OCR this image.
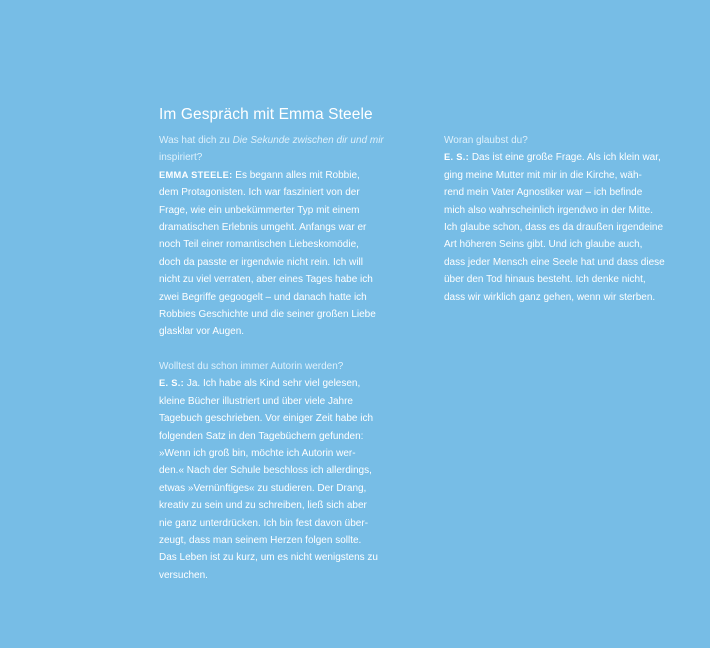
Im Gespräch mit Emma Steele
Was hat dich zu Die Sekunde zwischen dir und mir
inspiriert?
EMMA STEELE: Es begann alles mit Robbie,
dem Protagonisten. Ich war fasziniert von der
Frage, wie ein unbekümmerter Typ mit einem
dramatischen Erlebnis umgeht. Anfangs war er
noch Teil einer romantischen Liebeskomödie,
doch da passte er irgendwie nicht rein. Ich will
nicht zu viel verraten, aber eines Tages habe ich
zwei Begriffe gegoogelt – und danach hatte ich
Robbies Geschichte und die seiner großen Liebe
glasklar vor Augen.
Wolltest du schon immer Autorin werden?
E. S.: Ja. Ich habe als Kind sehr viel gelesen,
kleine Bücher illustriert und über viele Jahre
Tagebuch geschrieben. Vor einiger Zeit habe ich
folgenden Satz in den Tagebüchern gefunden:
»Wenn ich groß bin, möchte ich Autorin wer-
den.« Nach der Schule beschloss ich allerdings,
etwas »Vernünftiges« zu studieren. Der Drang,
kreativ zu sein und zu schreiben, ließ sich aber
nie ganz unterdrücken. Ich bin fest davon über-
zeugt, dass man seinem Herzen folgen sollte.
Das Leben ist zu kurz, um es nicht wenigstens zu
versuchen.
Woran glaubst du?
E. S.: Das ist eine große Frage. Als ich klein war,
ging meine Mutter mit mir in die Kirche, wäh-
rend mein Vater Agnostiker war – ich befinde
mich also wahrscheinlich irgendwo in der Mitte.
Ich glaube schon, dass es da draußen irgendeine
Art höheren Seins gibt. Und ich glaube auch,
dass jeder Mensch eine Seele hat und dass diese
über den Tod hinaus besteht. Ich denke nicht,
dass wir wirklich ganz gehen, wenn wir sterben.
